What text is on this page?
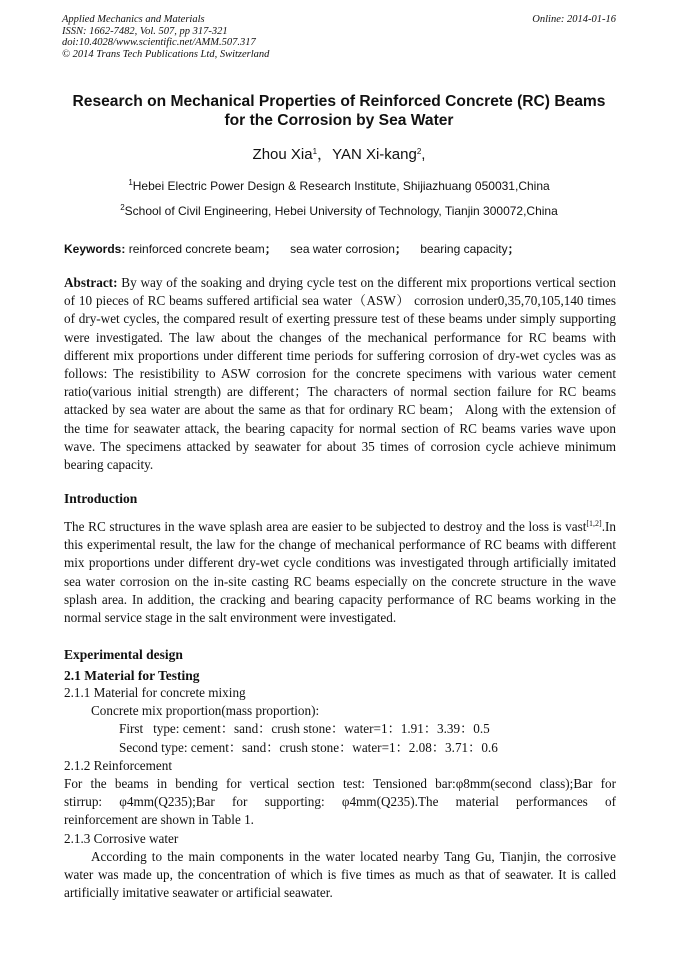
Applied Mechanics and Materials
ISSN: 1662-7482, Vol. 507, pp 317-321
doi:10.4028/www.scientific.net/AMM.507.317
© 2014 Trans Tech Publications Ltd, Switzerland
Online: 2014-01-16
Research on Mechanical Properties of Reinforced Concrete (RC) Beams
for the Corrosion by Sea Water
Zhou Xia$^1$，YAN Xi-kang$^2$,
$^1$Hebei Electric Power Design & Research Institute, Shijiazhuang 050031,China
$^2$School of Civil Engineering, Hebei University of Technology, Tianjin 300072,China
Keywords: reinforced concrete beam； sea water corrosion； bearing capacity；
Abstract: By way of the soaking and drying cycle test on the different mix proportions vertical section of 10 pieces of RC beams suffered artificial sea water（ASW） corrosion under0,35,70,105,140 times of dry-wet cycles, the compared result of exerting pressure test of these beams under simply supporting were investigated. The law about the changes of the mechanical performance for RC beams with different mix proportions under different time periods for suffering corrosion of dry-wet cycles was as follows: The resistibility to ASW corrosion for the concrete specimens with various water cement ratio(various initial strength) are different；The characters of normal section failure for RC beams attacked by sea water are about the same as that for ordinary RC beam； Along with the extension of the time for seawater attack, the bearing capacity for normal section of RC beams varies wave upon wave. The specimens attacked by seawater for about 35 times of corrosion cycle achieve minimum bearing capacity.
Introduction
The RC structures in the wave splash area are easier to be subjected to destroy and the loss is vast[1,2].In this experimental result, the law for the change of mechanical performance of RC beams with different mix proportions under different dry-wet cycle conditions was investigated through artificially imitated sea water corrosion on the in-site casting RC beams especially on the concrete structure in the wave splash area. In addition, the cracking and bearing capacity performance of RC beams working in the normal service stage in the salt environment were investigated.
Experimental design
2.1 Material for Testing
2.1.1 Material for concrete mixing
Concrete mix proportion(mass proportion):
First   type: cement：sand：crush stone：water=1：1.91：3.39：0.5
Second type: cement：sand：crush stone：water=1：2.08：3.71：0.6
2.1.2 Reinforcement
For the beams in bending for vertical section test: Tensioned bar:φ8mm(second class);Bar for
stirrup: φ4mm(Q235);Bar for supporting: φ4mm(Q235).The material performances of
reinforcement are shown in Table 1.
2.1.3 Corrosive water
According to the main components in the water located nearby Tang Gu, Tianjin, the corrosive water was made up, the concentration of which is five times as much as that of seawater. It is called artificially imitative seawater or artificial seawater.
